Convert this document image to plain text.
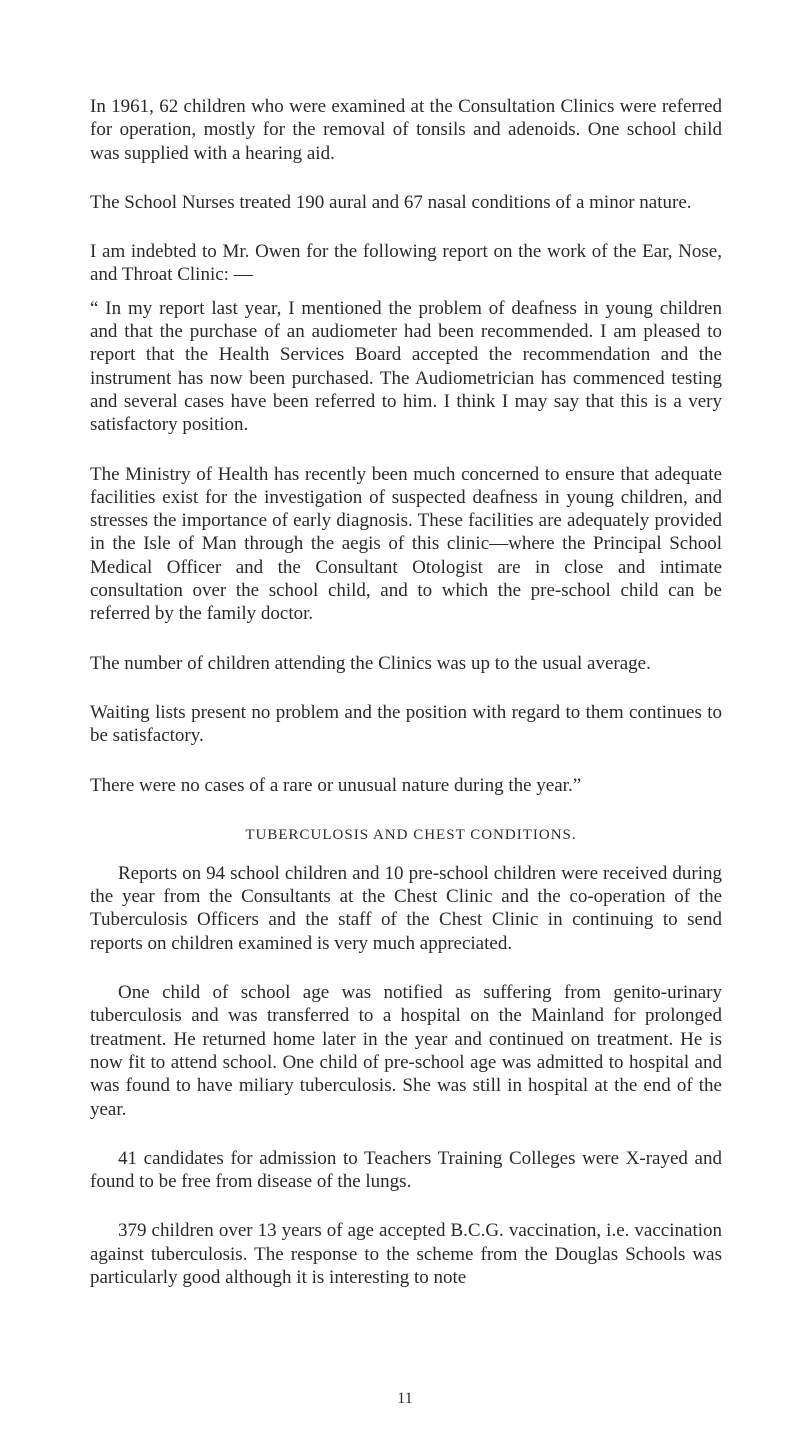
In 1961, 62 children who were examined at the Consultation Clinics were referred for operation, mostly for the removal of tonsils and adenoids. One school child was supplied with a hearing aid.

The School Nurses treated 190 aural and 67 nasal conditions of a minor nature.

I am indebted to Mr. Owen for the following report on the work of the Ear, Nose, and Throat Clinic: —

“ In my report last year, I mentioned the problem of deafness in young children and that the purchase of an audiometer had been recommended. I am pleased to report that the Health Services Board accepted the recommendation and the instrument has now been purchased. The Audiometrician has commenced testing and several cases have been referred to him. I think I may say that this is a very satisfactory position.

The Ministry of Health has recently been much concerned to ensure that adequate facilities exist for the investigation of suspected deafness in young children, and stresses the importance of early diagnosis. These facilities are adequately provided in the Isle of Man through the aegis of this clinic—where the Principal School Medical Officer and the Consultant Otologist are in close and intimate consultation over the school child, and to which the pre-school child can be referred by the family doctor.

The number of children attending the Clinics was up to the usual average.

Waiting lists present no problem and the position with regard to them continues to be satisfactory.

There were no cases of a rare or unusual nature during the year.”

TUBERCULOSIS AND CHEST CONDITIONS.

Reports on 94 school children and 10 pre-school children were received during the year from the Consultants at the Chest Clinic and the co-operation of the Tuberculosis Officers and the staff of the Chest Clinic in continuing to send reports on children examined is very much appreciated.

One child of school age was notified as suffering from genito-urinary tuberculosis and was transferred to a hospital on the Mainland for prolonged treatment. He returned home later in the year and continued on treatment. He is now fit to attend school. One child of pre-school age was admitted to hospital and was found to have miliary tuberculosis. She was still in hospital at the end of the year.

41 candidates for admission to Teachers Training Colleges were X-rayed and found to be free from disease of the lungs.

379 children over 13 years of age accepted B.C.G. vaccination, i.e. vaccination against tuberculosis. The response to the scheme from the Douglas Schools was particularly good although it is interesting to note

11
